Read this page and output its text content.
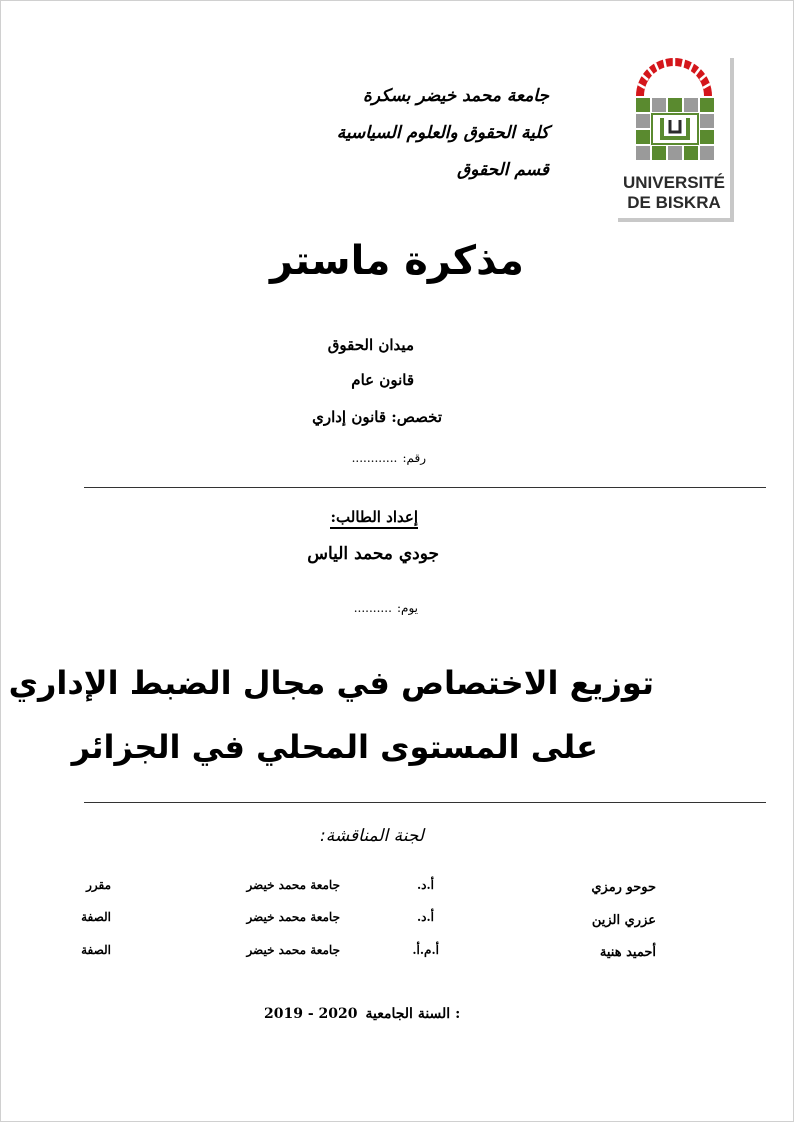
UNIVERSITÉ
DE BISKRA
جامعة محمد خيضر بسكرة
كلية الحقوق والعلوم السياسية
قسم الحقوق
مذكرة ماستر
ميدان الحقوق
قانون عام
تخصص: قانون إداري
رقم: ............
إعداد الطالب:
جودي محمد الياس
يوم: ..........
توزيع الاختصاص في مجال الضبط الإداري
على المستوى المحلي في الجزائر
لجنة المناقشة:
حوحو رمزي
أ.د.
جامعة محمد خيضر
مقرر
عزري الزين
أ.د.
جامعة محمد خيضر
الصفة
أحميد هنية
أ.م.أ.
جامعة محمد خيضر
الصفة
السنة الجامعية :
2019 - 2020
